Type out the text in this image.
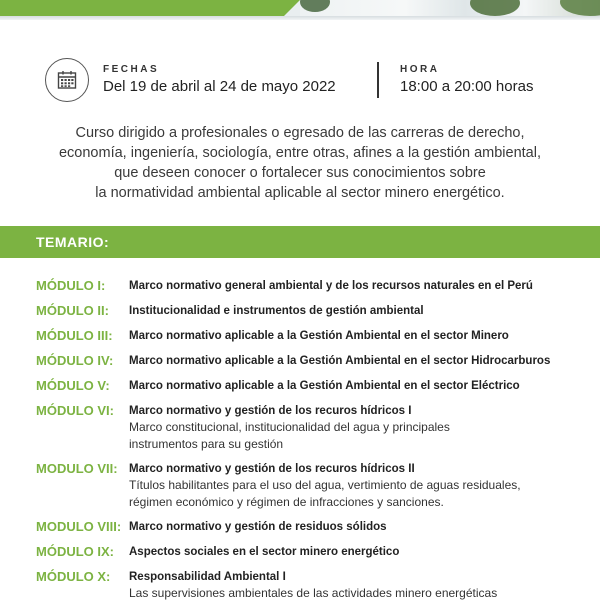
FECHAS
Del 19 de abril al 24 de mayo 2022
HORA
18:00 a 20:00 horas
Curso dirigido a profesionales o egresado de las carreras de derecho,
economía, ingeniería, sociología, entre otras, afines a la gestión ambiental,
que deseen conocer o fortalecer sus conocimientos sobre
la normatividad ambiental aplicable al sector minero energético.
TEMARIO:
MÓDULO I:	Marco normativo general ambiental y de los recursos naturales en el Perú
MÓDULO II:	Institucionalidad e instrumentos de gestión ambiental
MÓDULO III:	Marco normativo aplicable a la Gestión Ambiental en el sector Minero
MÓDULO IV:	Marco normativo aplicable a la Gestión Ambiental en el sector Hidrocarburos
MÓDULO V:	Marco normativo aplicable a la Gestión Ambiental en el sector Eléctrico
MÓDULO VI:	Marco normativo y gestión de los recuros hídricos I
Marco constitucional, institucionalidad del agua y principales
instrumentos para su gestión
MODULO VII: Marco normativo y gestión de los recuros hídricos II
Títulos habilitantes para el uso del agua, vertimiento de aguas residuales,
régimen económico y régimen de infracciones y sanciones.
MODULO VIII: Marco normativo y gestión de residuos sólidos
MÓDULO IX:	Aspectos sociales en el sector minero energético
MÓDULO X:	Responsabilidad Ambiental I
Las supervisiones ambientales de las actividades minero energéticas
